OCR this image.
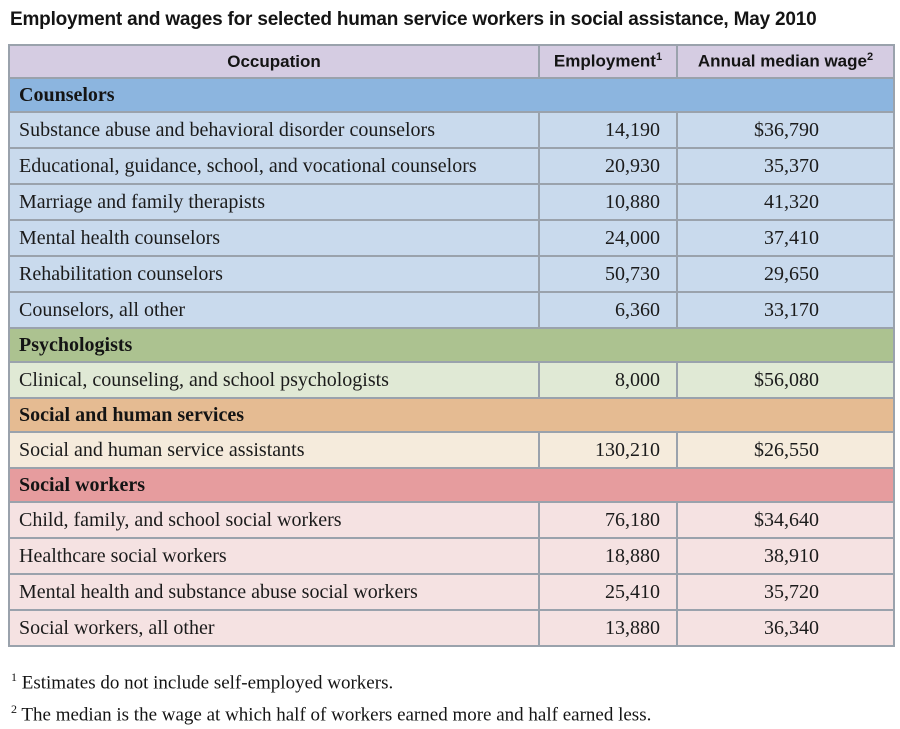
Employment and wages for selected human service workers in social assistance, May 2010
Occupation	Employment$^1$	Annual median wage$^2$
Counselors		
Substance abuse and behavioral disorder counselors	14,190	$36,790
Educational, guidance, school, and vocational counselors	20,930	35,370
Marriage and family therapists	10,880	41,320
Mental health counselors	24,000	37,410
Rehabilitation counselors	50,730	29,650
Counselors, all other	6,360	33,170
Psychologists		
Clinical, counseling, and school psychologists	8,000	$56,080
Social and human services		
Social and human service assistants	130,210	$26,550
Social workers		
Child, family, and school social workers	76,180	$34,640
Healthcare social workers	18,880	38,910
Mental health and substance abuse social workers	25,410	35,720
Social workers, all other	13,880	36,340
$^1$ Estimates do not include self-employed workers.
$^2$ The median is the wage at which half of workers earned more and half earned less.
